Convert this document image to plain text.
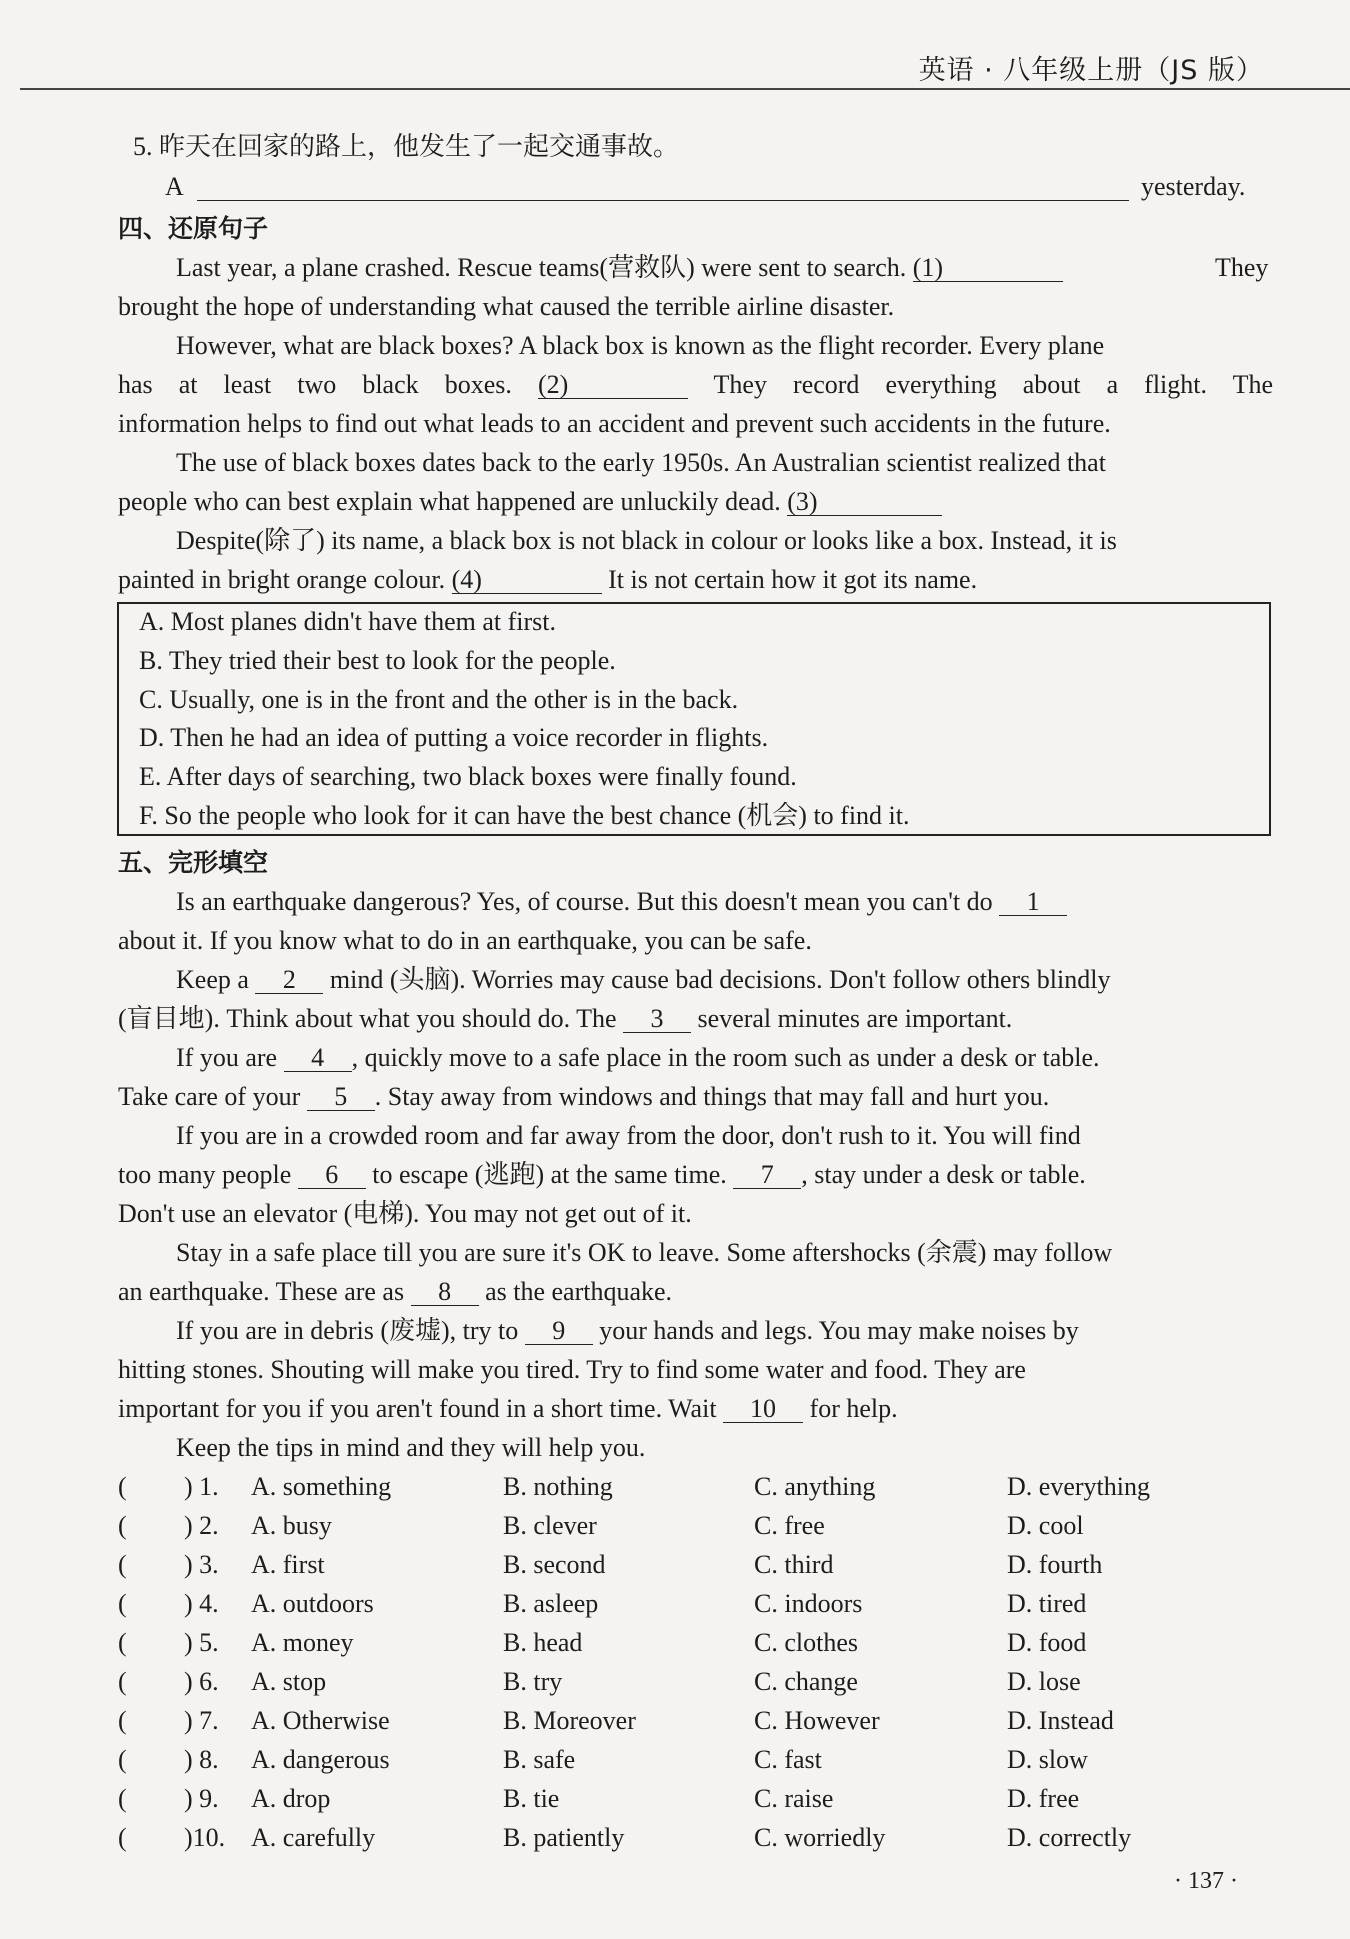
英语 · 八年级上册（JS 版）
5. 昨天在回家的路上，他发生了一起交通事故。
A	yesterday.
四、还原句子
Last year, a plane crashed. Rescue teams(营救队) were sent to search. (1)	They
brought the hope of understanding what caused the terrible airline disaster.
However, what are black boxes? A black box is known as the flight recorder. Every plane
has at least two black boxes. (2)	They record everything about a flight. The
information helps to find out what leads to an accident and prevent such accidents in the future.
The use of black boxes dates back to the early 1950s. An Australian scientist realized that
people who can best explain what happened are unluckily dead. (3)
Despite(除了) its name, a black box is not black in colour or looks like a box. Instead, it is
painted in bright orange colour. (4)	It is not certain how it got its name.
A. Most planes didn't have them at first.
B. They tried their best to look for the people.
C. Usually, one is in the front and the other is in the back.
D. Then he had an idea of putting a voice recorder in flights.
E. After days of searching, two black boxes were finally found.
F. So the people who look for it can have the best chance (机会) to find it.
五、完形填空
Is an earthquake dangerous? Yes, of course. But this doesn't mean you can't do 1
about it. If you know what to do in an earthquake, you can be safe.
Keep a 2 mind (头脑). Worries may cause bad decisions. Don't follow others blindly
(盲目地). Think about what you should do. The 3 several minutes are important.
If you are 4 , quickly move to a safe place in the room such as under a desk or table.
Take care of your 5 . Stay away from windows and things that may fall and hurt you.
If you are in a crowded room and far away from the door, don't rush to it. You will find
too many people 6 to escape (逃跑) at the same time. 7 , stay under a desk or table.
Don't use an elevator (电梯). You may not get out of it.
Stay in a safe place till you are sure it's OK to leave. Some aftershocks (余震) may follow
an earthquake. These are as 8 as the earthquake.
If you are in debris (废墟), try to 9 your hands and legs. You may make noises by
hitting stones. Shouting will make you tired. Try to find some water and food. They are
important for you if you aren't found in a short time. Wait 10 for help.
Keep the tips in mind and they will help you.
( ) 1. A. something	B. nothing	C. anything	D. everything
( ) 2. A. busy	B. clever	C. free	D. cool
( ) 3. A. first	B. second	C. third	D. fourth
( ) 4. A. outdoors	B. asleep	C. indoors	D. tired
( ) 5. A. money	B. head	C. clothes	D. food
( ) 6. A. stop	B. try	C. change	D. lose
( ) 7. A. Otherwise	B. Moreover	C. However	D. Instead
( ) 8. A. dangerous	B. safe	C. fast	D. slow
( ) 9. A. drop	B. tie	C. raise	D. free
( )10. A. carefully	B. patiently	C. worriedly	D. correctly
· 137 ·
